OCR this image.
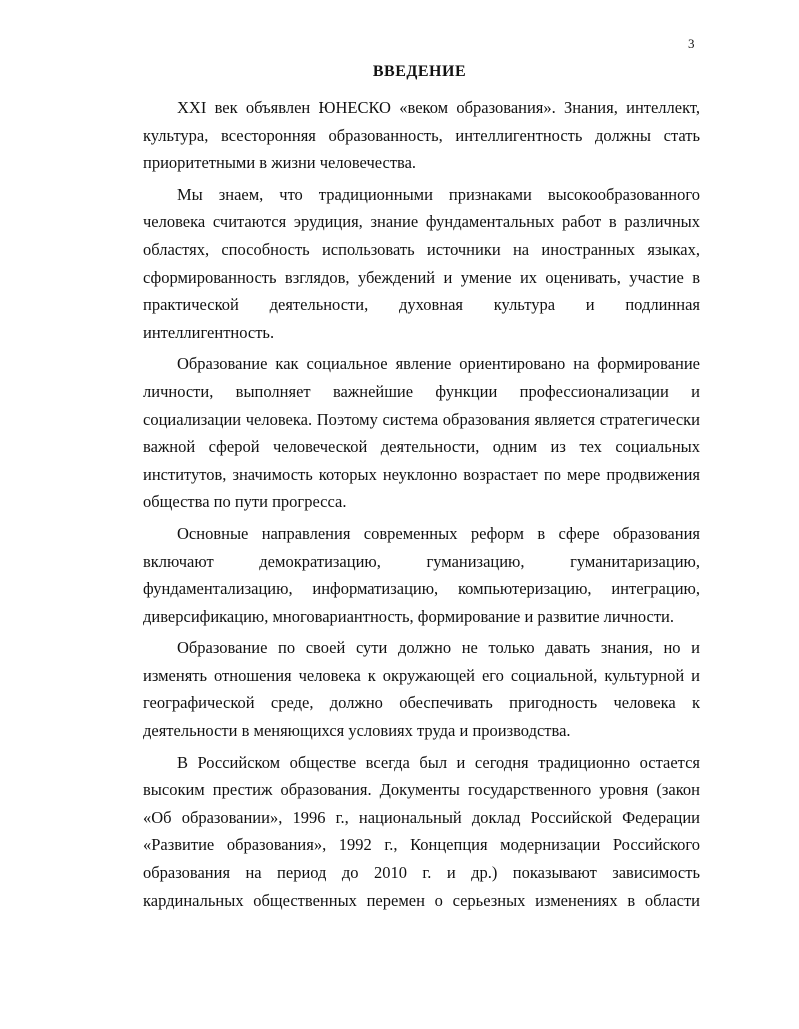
3
ВВЕДЕНИЕ

XXI век объявлен ЮНЕСКО «веком образования». Знания, интеллект, культура, всесторонняя образованность, интеллигентность должны стать приоритетными в жизни человечества.

Мы знаем, что традиционными признаками высокообразованного человека считаются эрудиция, знание фундаментальных работ в различных областях, способность использовать источники на иностранных языках, сформированность взглядов, убеждений и умение их оценивать, участие в практической деятельности, духовная культура и подлинная интеллигентность.

Образование как социальное явление ориентировано на формирование личности, выполняет важнейшие функции профессионализации и социализации человека. Поэтому система образования является стратегически важной сферой человеческой деятельности, одним из тех социальных институтов, значимость которых неуклонно возрастает по мере продвижения общества по пути прогресса.

Основные направления современных реформ в сфере образования включают демократизацию, гуманизацию, гуманитаризацию, фундаментализацию, информатизацию, компьютеризацию, интеграцию, диверсификацию, многовариантность, формирование и развитие личности.

Образование по своей сути должно не только давать знания, но и изменять отношения человека к окружающей его социальной, культурной и географической среде, должно обеспечивать пригодность человека к деятельности в меняющихся условиях труда и производства.

В Российском обществе всегда был и сегодня традиционно остается высоким престиж образования. Документы государственного уровня (закон «Об образовании», 1996 г., национальный доклад Российской Федерации «Развитие образования», 1992 г., Концепция модернизации Российского образования на период до 2010 г. и др.) показывают зависимость кардинальных общественных перемен о серьезных изменениях в области
